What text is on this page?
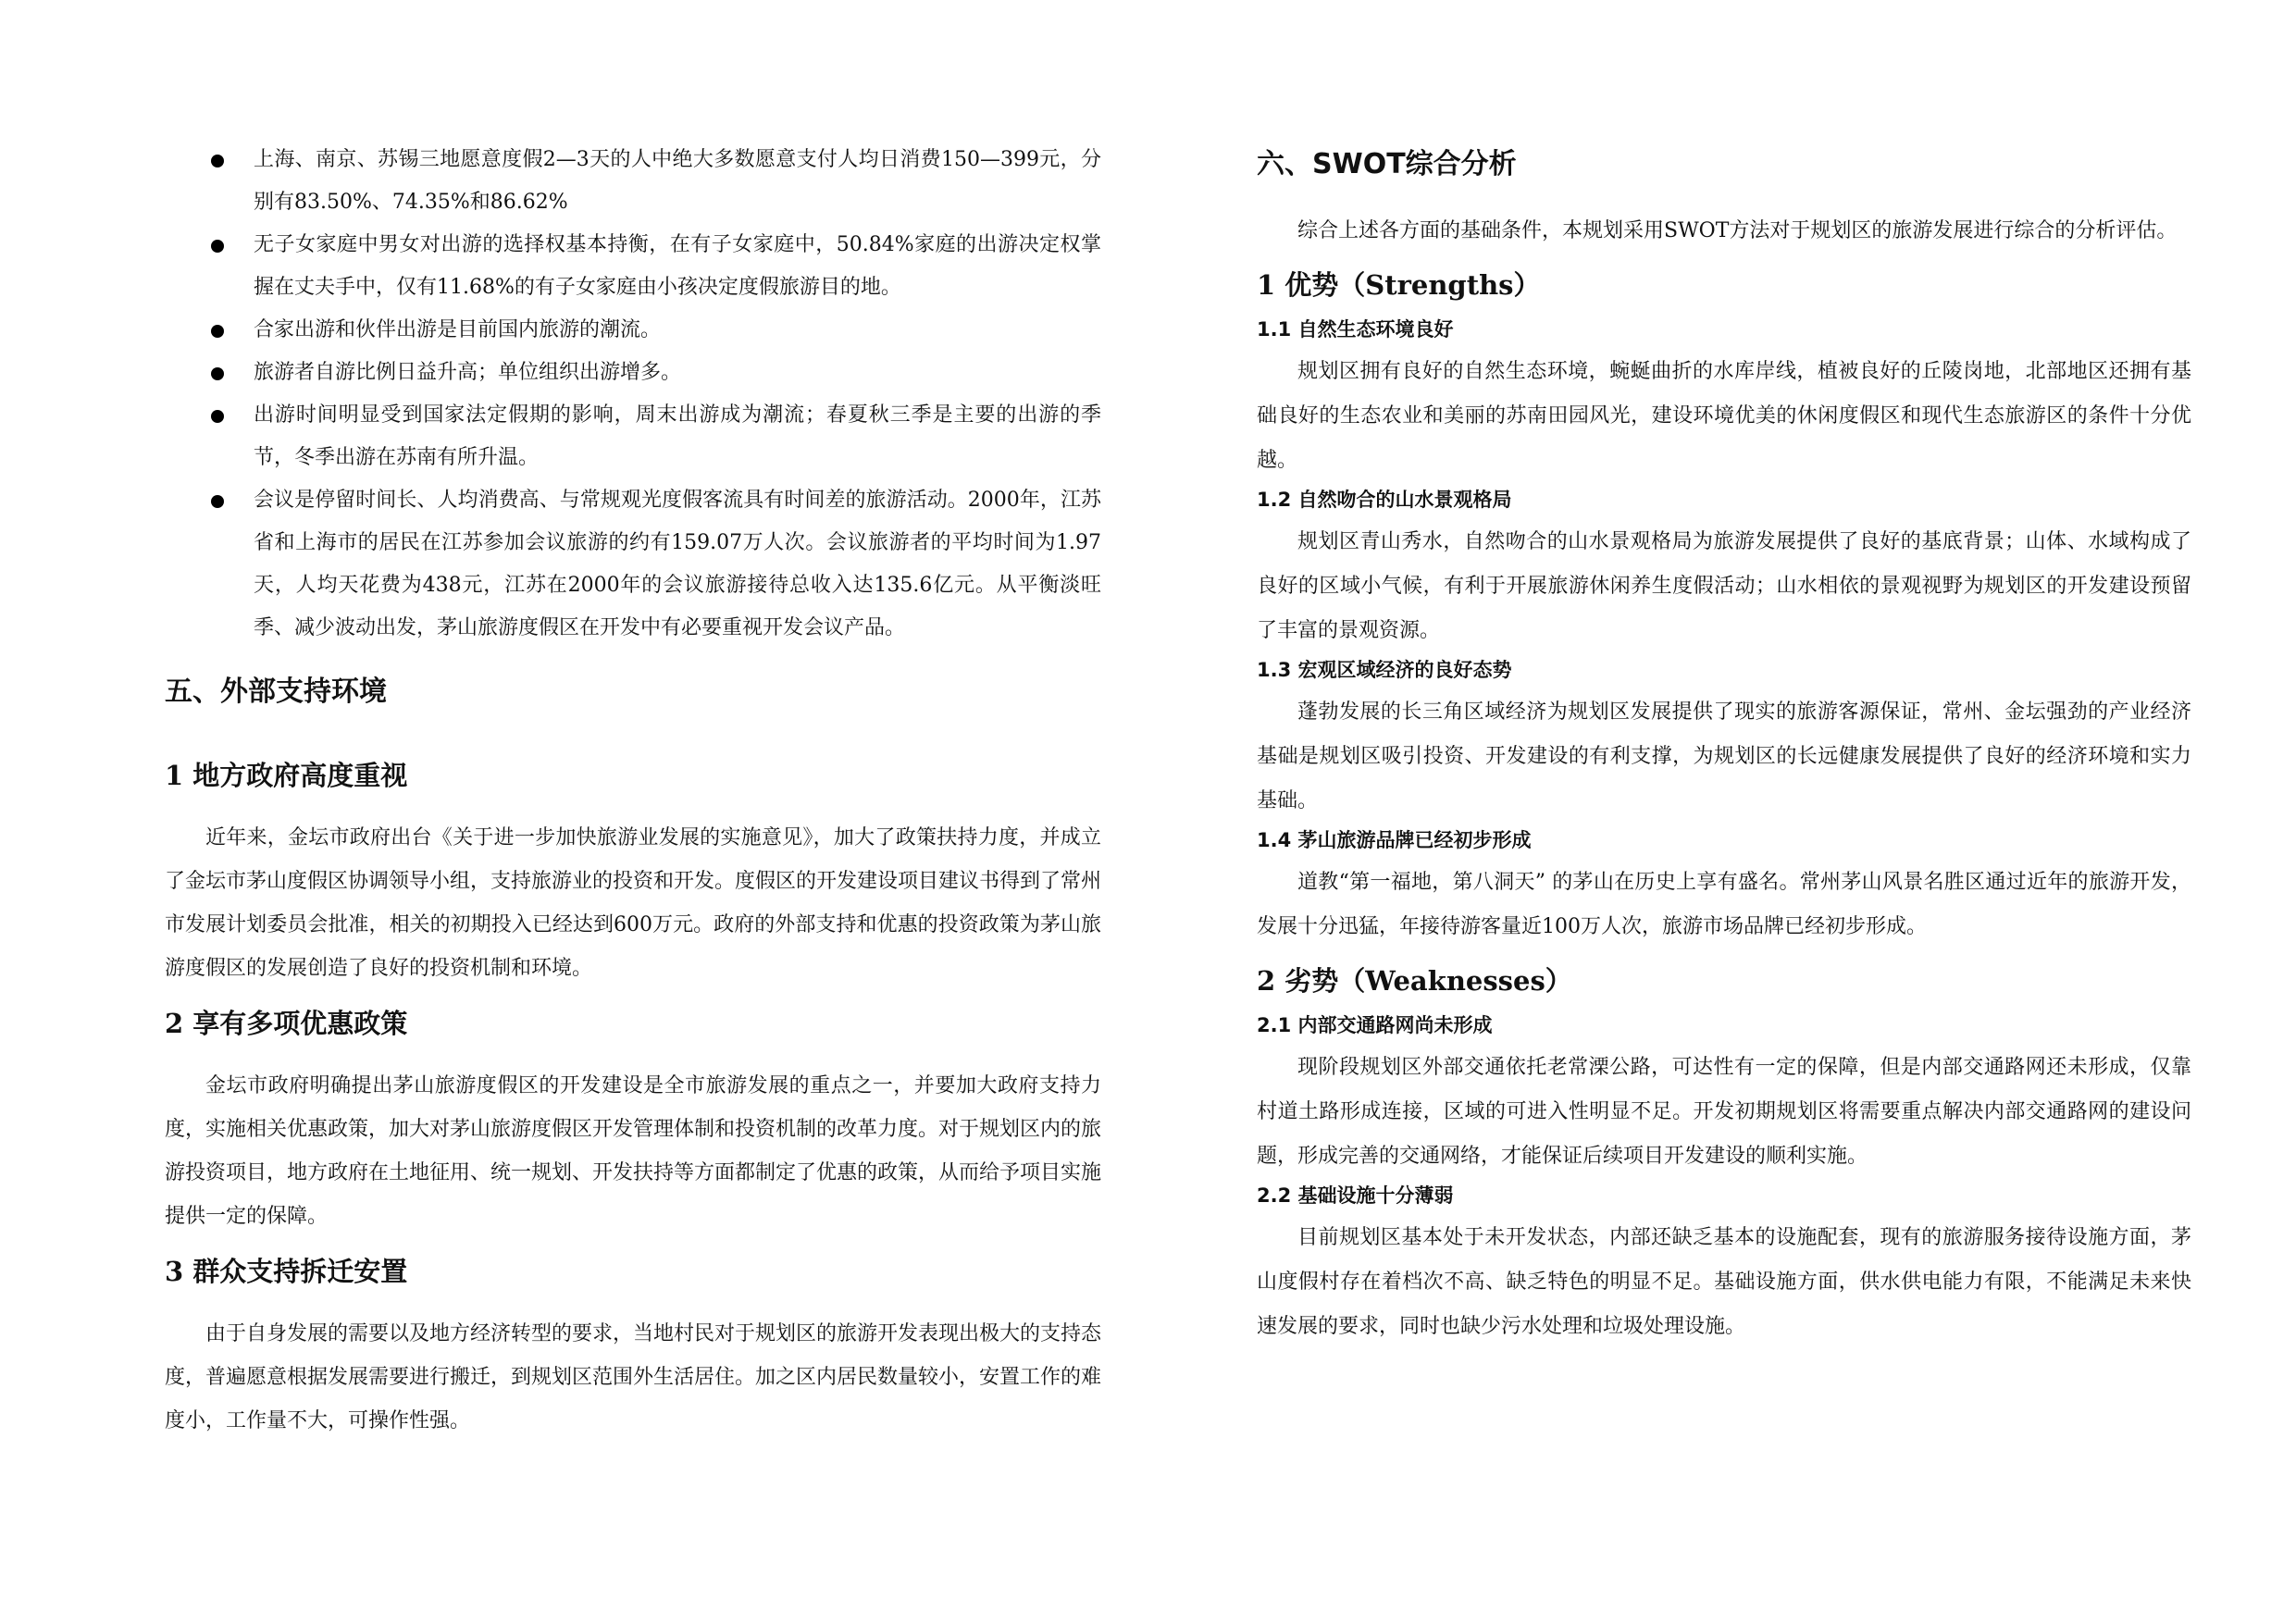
上海、南京、苏锡三地愿意度假2—3天的人中绝大多数愿意支付人均日消费150—399元，分别有83.50%、74.35%和86.62%
无子女家庭中男女对出游的选择权基本持衡，在有子女家庭中，50.84%家庭的出游决定权掌握在丈夫手中，仅有11.68%的有子女家庭由小孩决定度假旅游目的地。
合家出游和伙伴出游是目前国内旅游的潮流。
旅游者自游比例日益升高；单位组织出游增多。
出游时间明显受到国家法定假期的影响，周末出游成为潮流；春夏秋三季是主要的出游的季节，冬季出游在苏南有所升温。
会议是停留时间长、人均消费高、与常规观光度假客流具有时间差的旅游活动。2000年，江苏省和上海市的居民在江苏参加会议旅游的约有159.07万人次。会议旅游者的平均时间为1.97天，人均天花费为438元，江苏在2000年的会议旅游接待总收入达135.6亿元。从平衡淡旺季、减少波动出发，茅山旅游度假区在开发中有必要重视开发会议产品。
五、外部支持环境
1 地方政府高度重视

近年来，金坛市政府出台《关于进一步加快旅游业发展的实施意见》，加大了政策扶持力度，并成立了金坛市茅山度假区协调领导小组，支持旅游业的投资和开发。度假区的开发建设项目建议书得到了常州市发展计划委员会批准，相关的初期投入已经达到600万元。政府的外部支持和优惠的投资政策为茅山旅游度假区的发展创造了良好的投资机制和环境。

2 享有多项优惠政策

金坛市政府明确提出茅山旅游度假区的开发建设是全市旅游发展的重点之一，并要加大政府支持力度，实施相关优惠政策，加大对茅山旅游度假区开发管理体制和投资机制的改革力度。对于规划区内的旅游投资项目，地方政府在土地征用、统一规划、开发扶持等方面都制定了优惠的政策，从而给予项目实施提供一定的保障。

3 群众支持拆迁安置

由于自身发展的需要以及地方经济转型的要求，当地村民对于规划区的旅游开发表现出极大的支持态度，普遍愿意根据发展需要进行搬迁，到规划区范围外生活居住。加之区内居民数量较小，安置工作的难度小，工作量不大，可操作性强。

六、SWOT综合分析

综合上述各方面的基础条件，本规划采用SWOT方法对于规划区的旅游发展进行综合的分析评估。

1 优势（Strengths）
1.1 自然生态环境良好

规划区拥有良好的自然生态环境，蜿蜒曲折的水库岸线，植被良好的丘陵岗地，北部地区还拥有基础良好的生态农业和美丽的苏南田园风光，建设环境优美的休闲度假区和现代生态旅游区的条件十分优越。

1.2 自然吻合的山水景观格局

规划区青山秀水，自然吻合的山水景观格局为旅游发展提供了良好的基底背景；山体、水域构成了良好的区域小气候，有利于开展旅游休闲养生度假活动；山水相依的景观视野为规划区的开发建设预留了丰富的景观资源。

1.3 宏观区域经济的良好态势

蓬勃发展的长三角区域经济为规划区发展提供了现实的旅游客源保证，常州、金坛强劲的产业经济基础是规划区吸引投资、开发建设的有利支撑，为规划区的长远健康发展提供了良好的经济环境和实力基础。

1.4 茅山旅游品牌已经初步形成

道教“第一福地，第八洞天” 的茅山在历史上享有盛名。常州茅山风景名胜区通过近年的旅游开发，发展十分迅猛，年接待游客量近100万人次，旅游市场品牌已经初步形成。

2 劣势（Weaknesses）
2.1 内部交通路网尚未形成

现阶段规划区外部交通依托老常溧公路，可达性有一定的保障，但是内部交通路网还未形成，仅靠村道土路形成连接，区域的可进入性明显不足。开发初期规划区将需要重点解决内部交通路网的建设问题，形成完善的交通网络，才能保证后续项目开发建设的顺利实施。

2.2 基础设施十分薄弱

目前规划区基本处于未开发状态，内部还缺乏基本的设施配套，现有的旅游服务接待设施方面，茅山度假村存在着档次不高、缺乏特色的明显不足。基础设施方面，供水供电能力有限，不能满足未来快速发展的要求，同时也缺少污水处理和垃圾处理设施。
